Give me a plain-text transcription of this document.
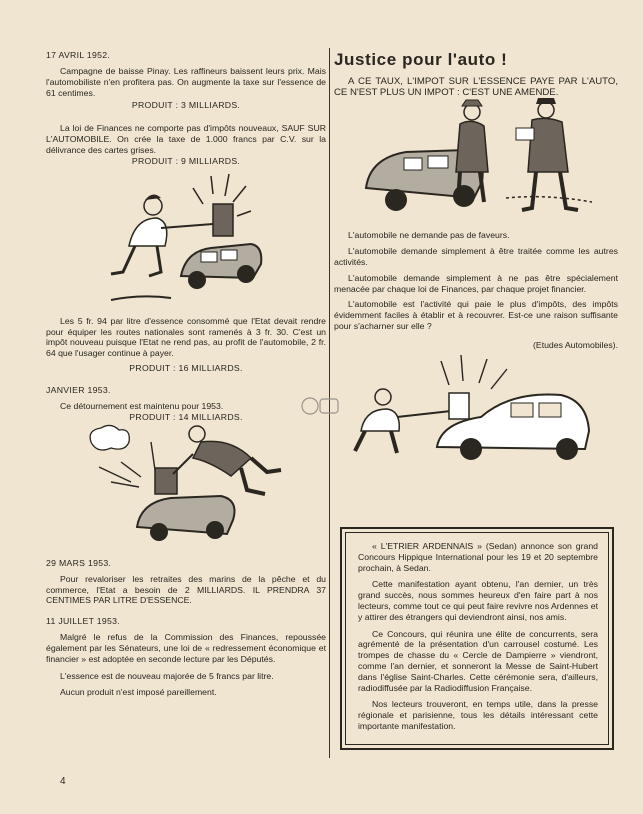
17 AVRIL 1952.

Campagne de baisse Pinay. Les raffineurs baissent leurs prix. Mais l'automobiliste n'en profitera pas. On augmente la taxe sur l'essence de 61 centimes.

PRODUIT : 3 MILLIARDS.

La loi de Finances ne comporte pas d'impôts nouveaux, SAUF SUR L'AUTOMOBILE. On crée la taxe de 1.000 francs par C.V. sur la délivrance des cartes grises.

PRODUIT : 9 MILLIARDS.

Les 5 fr. 94 par litre d'essence consommé que l'Etat devait rendre pour équiper les routes nationales sont ramenés à 3 fr. 30. C'est un impôt nouveau puisque l'Etat ne rend pas, au profit de l'automobile, 2 fr. 64 que l'usager continue à payer.

PRODUIT : 16 MILLIARDS.

JANVIER 1953.

Ce détournement est maintenu pour 1953.

PRODUIT : 14 MILLIARDS.

29 MARS 1953.

Pour revaloriser les retraites des marins de la pêche et du commerce, l'Etat a besoin de 2 MILLIARDS. IL PRENDRA 37 CENTIMES PAR LITRE D'ESSENCE.

11 JUILLET 1953.

Malgré le refus de la Commission des Finances, repoussée également par les Sénateurs, une loi de « redressement économique et financier » est adoptée en seconde lecture par les Députés.

L'essence est de nouveau majorée de 5 francs par litre.

Aucun produit n'est imposé pareillement.

Justice pour l'auto !

A CE TAUX, L'IMPOT SUR L'ESSENCE PAYE PAR L'AUTO, CE N'EST PLUS UN IMPOT : C'EST UNE AMENDE.

L'automobile ne demande pas de faveurs.

L'automobile demande simplement à être traitée comme les autres activités.

L'automobile demande simplement à ne pas être spécialement menacée par chaque loi de Finances, par chaque projet financier.

L'automobile est l'activité qui paie le plus d'impôts, des impôts évidemment faciles à établir et à recouvrer. Est-ce une raison suffisante pour s'acharner sur elle ?

(Etudes Automobiles).

« L'ETRIER ARDENNAIS » (Sedan) annonce son grand Concours Hippique International pour les 19 et 20 septembre prochain, à Sedan.

Cette manifestation ayant obtenu, l'an dernier, un très grand succès, nous sommes heureux d'en faire part à nos lecteurs, comme tout ce qui peut faire revivre nos Ardennes et y attirer des étrangers qui deviendront ainsi, nos amis.

Ce Concours, qui réunira une élite de concurrents, sera agrémenté de la présentation d'un carrousel costumé. Les trompes de chasse du « Cercle de Dampierre » viendront, comme l'an dernier, et sonneront la Messe de Saint-Hubert dans l'église Saint-Charles. Cette cérémonie sera, d'ailleurs, radiodiffusée par la Radiodiffusion Française.

Nos lecteurs trouveront, en temps utile, dans la presse régionale et parisienne, tous les détails intéressant cette importante manifestation.

4
